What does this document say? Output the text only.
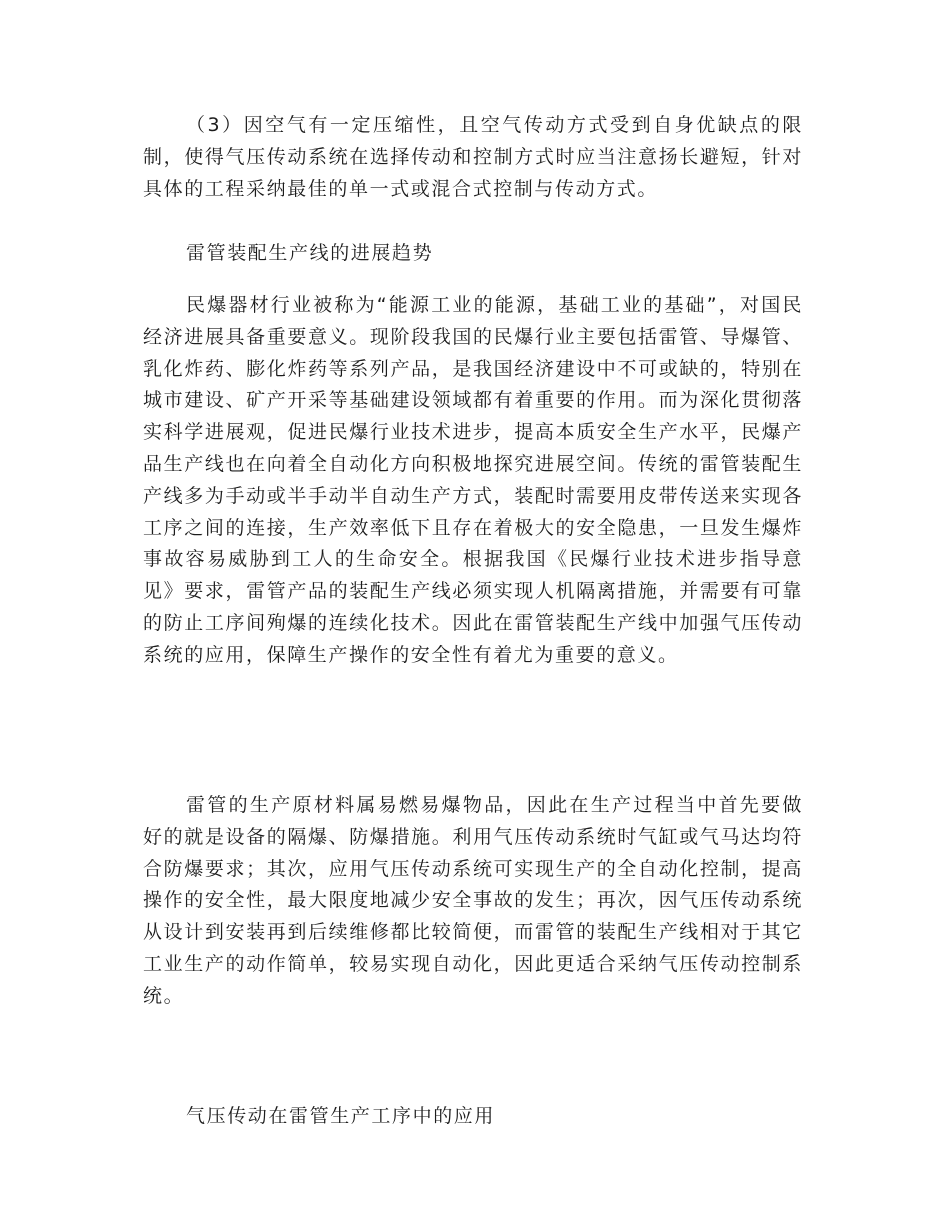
（3）因空气有一定压缩性，且空气传动方式受到自身优缺点的限制，使得气压传动系统在选择传动和控制方式时应当注意扬长避短，针对具体的工程采纳最佳的单一式或混合式控制与传动方式。

雷管装配生产线的进展趋势

民爆器材行业被称为“能源工业的能源，基础工业的基础”，对国民经济进展具备重要意义。现阶段我国的民爆行业主要包括雷管、导爆管、乳化炸药、膨化炸药等系列产品，是我国经济建设中不可或缺的，特别在城市建设、矿产开采等基础建设领域都有着重要的作用。而为深化贯彻落实科学进展观，促进民爆行业技术进步，提高本质安全生产水平，民爆产品生产线也在向着全自动化方向积极地探究进展空间。传统的雷管装配生产线多为手动或半手动半自动生产方式，装配时需要用皮带传送来实现各工序之间的连接，生产效率低下且存在着极大的安全隐患，一旦发生爆炸事故容易威胁到工人的生命安全。根据我国《民爆行业技术进步指导意见》要求，雷管产品的装配生产线必须实现人机隔离措施，并需要有可靠的防止工序间殉爆的连续化技术。因此在雷管装配生产线中加强气压传动系统的应用，保障生产操作的安全性有着尤为重要的意义。

雷管的生产原材料属易燃易爆物品，因此在生产过程当中首先要做好的就是设备的隔爆、防爆措施。利用气压传动系统时气缸或气马达均符合防爆要求；其次，应用气压传动系统可实现生产的全自动化控制，提高操作的安全性，最大限度地减少安全事故的发生；再次，因气压传动系统从设计到安装再到后续维修都比较简便，而雷管的装配生产线相对于其它工业生产的动作简单，较易实现自动化，因此更适合采纳气压传动控制系统。

气压传动在雷管生产工序中的应用
